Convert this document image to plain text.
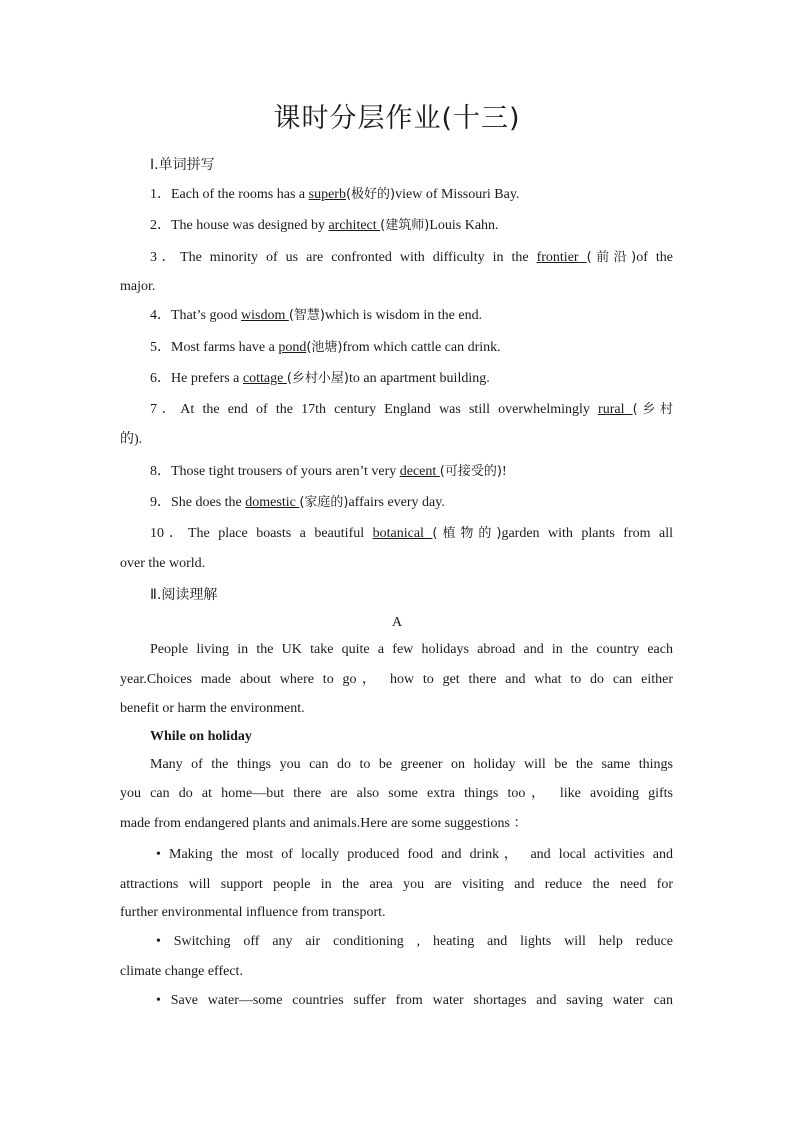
课时分层作业(十三)
Ⅰ.单词拼写
1．Each of the rooms has a superb(极好的)view of Missouri Bay.
2．The house was designed by architect (建筑师)Louis Kahn.
3．The minority of us are confronted with difficulty in the frontier (前沿)of the
major.
4．That’s good wisdom (智慧)which is wisdom in the end.
5．Most farms have a pond(池塘)from which cattle can drink.
6．He prefers a cottage (乡村小屋)to an apartment building.
7．At the end of the 17th century England was still overwhelmingly rural (乡村
的).
8．Those tight trousers of yours aren’t very decent (可接受的)!
9．She does the domestic (家庭的)affairs every day.
10．The place boasts a beautiful botanical (植物的)garden with plants from all
over the world.
Ⅱ.阅读理解
A
People living in the UK take quite a few holidays abroad and in the country each
year.Choices made about where to go， how to get there and what to do can either
benefit or harm the environment.
While on holiday
Many of the things you can do to be greener on holiday will be the same things
you can do at home—but there are also some extra things too， like avoiding gifts
made from endangered plants and animals.Here are some suggestions ：
• Making the most of locally produced food and drink， and local activities and
attractions will support people in the area you are visiting and reduce the need for
further environmental influence from transport.
• Switching off any air conditioning , heating and lights will help reduce
climate change effect.
• Save water—some countries suffer from water shortages and saving water can
